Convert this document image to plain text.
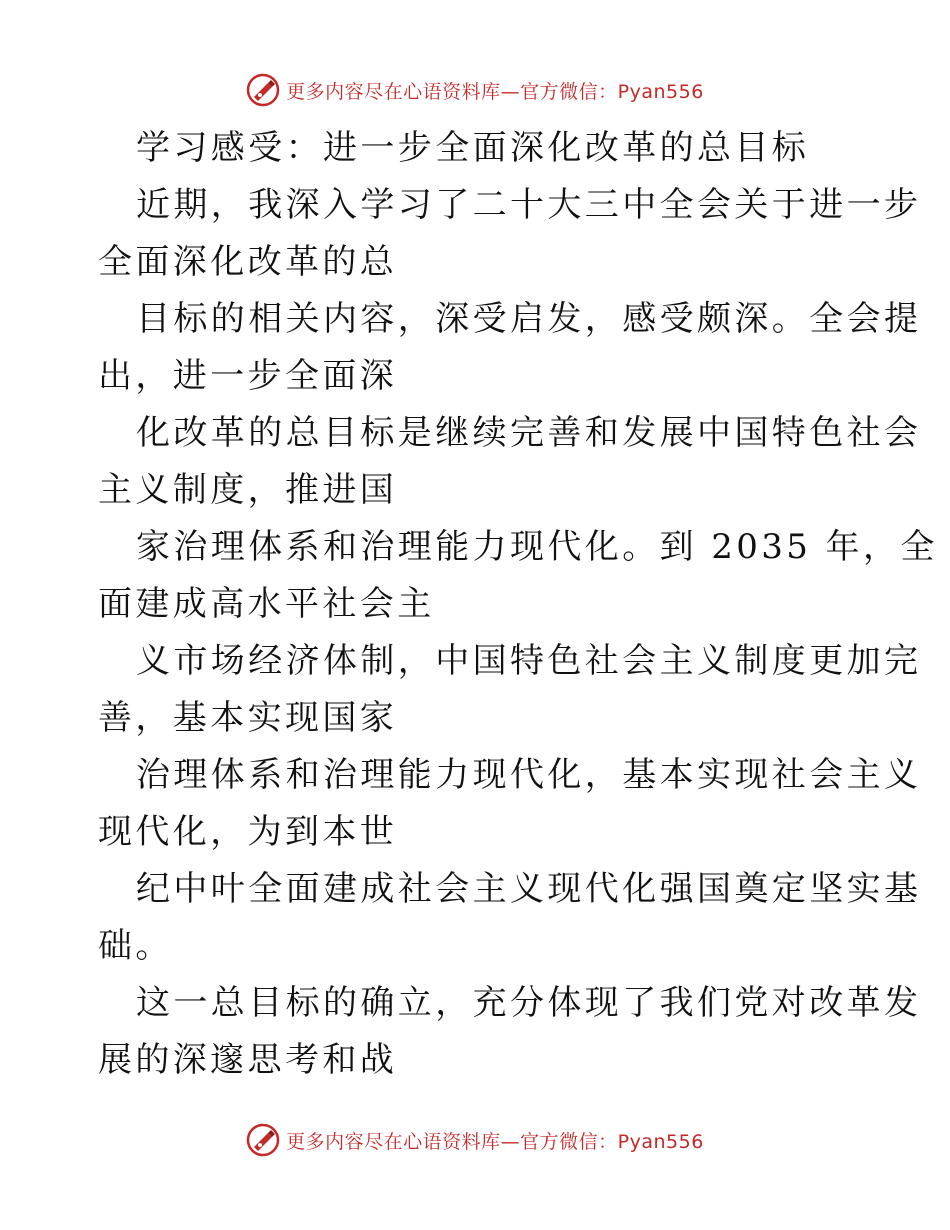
更多内容尽在心语资料库—官方微信：Pyan556

学习感受：进一步全面深化改革的总目标

近期，我深入学习了二十大三中全会关于进一步
全面深化改革的总
目标的相关内容，深受启发，感受颇深。全会提
出，进一步全面深
化改革的总目标是继续完善和发展中国特色社会
主义制度，推进国
家治理体系和治理能力现代化。到 2035 年，全
面建成高水平社会主
义市场经济体制，中国特色社会主义制度更加完
善，基本实现国家
治理体系和治理能力现代化，基本实现社会主义
现代化，为到本世
纪中叶全面建成社会主义现代化强国奠定坚实基
础。
这一总目标的确立，充分体现了我们党对改革发
展的深邃思考和战

更多内容尽在心语资料库—官方微信：Pyan556
